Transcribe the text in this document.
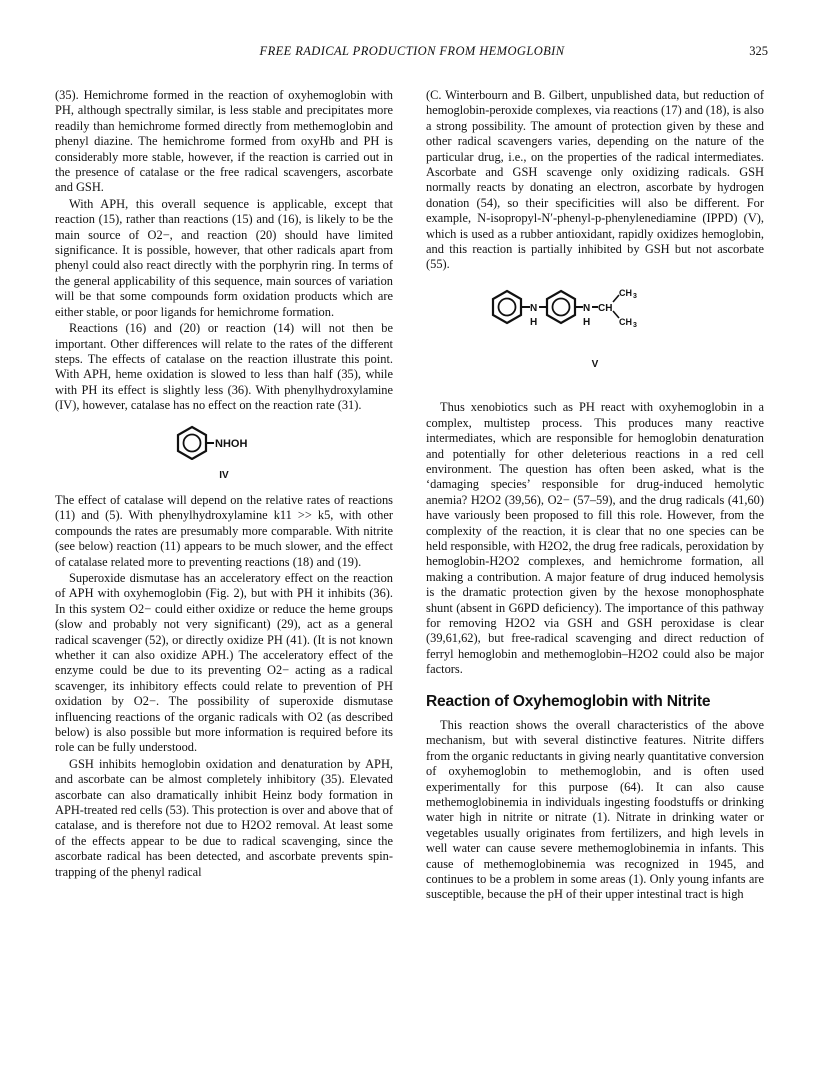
FREE RADICAL PRODUCTION FROM HEMOGLOBIN	325

(35). Hemichrome formed in the reaction of oxyhemoglobin with PH, although spectrally similar, is less stable and precipitates more readily than hemichrome formed directly from methemoglobin and phenyl diazine. The hemichrome formed from oxyHb and PH is considerably more stable, however, if the reaction is carried out in the presence of catalase or the free radical scavengers, ascorbate and GSH.

With APH, this overall sequence is applicable, except that reaction (15), rather than reactions (15) and (16), is likely to be the main source of O2−, and reaction (20) should have limited significance. It is possible, however, that other radicals apart from phenyl could also react directly with the porphyrin ring. In terms of the general applicability of this sequence, main sources of variation will be that some compounds form oxidation products which are either stable, or poor ligands for hemichrome formation.

Reactions (16) and (20) or reaction (14) will not then be important. Other differences will relate to the rates of the different steps. The effects of catalase on the reaction illustrate this point. With APH, heme oxidation is slowed to less than half (35), while with PH its effect is slightly less (36). With phenylhydroxylamine (IV), however, catalase has no effect on the reaction rate (31).

NHOH
IV

The effect of catalase will depend on the relative rates of reactions (11) and (5). With phenylhydroxylamine k11 >> k5, with other compounds the rates are presumably more comparable. With nitrite (see below) reaction (11) appears to be much slower, and the effect of catalase related more to preventing reactions (18) and (19).

Superoxide dismutase has an acceleratory effect on the reaction of APH with oxyhemoglobin (Fig. 2), but with PH it inhibits (36). In this system O2− could either oxidize or reduce the heme groups (slow and probably not very significant) (29), act as a general radical scavenger (52), or directly oxidize PH (41). (It is not known whether it can also oxidize APH.) The acceleratory effect of the enzyme could be due to its preventing O2− acting as a radical scavenger, its inhibitory effects could relate to prevention of PH oxidation by O2−. The possibility of superoxide dismutase influencing reactions of the organic radicals with O2 (as described below) is also possible but more information is required before its role can be fully understood.

GSH inhibits hemoglobin oxidation and denaturation by APH, and ascorbate can be almost completely inhibitory (35). Elevated ascorbate can also dramatically inhibit Heinz body formation in APH-treated red cells (53). This protection is over and above that of catalase, and is therefore not due to H2O2 removal. At least some of the effects appear to be due to radical scavenging, since the ascorbate radical has been detected, and ascorbate prevents spin-trapping of the phenyl radical

(C. Winterbourn and B. Gilbert, unpublished data, but reduction of hemoglobin-peroxide complexes, via reactions (17) and (18), is also a strong possibility. The amount of protection given by these and other radical scavengers varies, depending on the nature of the particular drug, i.e., on the properties of the radical intermediates. Ascorbate and GSH scavenge only oxidizing radicals. GSH normally reacts by donating an electron, ascorbate by hydrogen donation (54), so their specificities will also be different. For example, N-isopropyl-N′-phenyl-p-phenylenediamine (IPPD) (V), which is used as a rubber antioxidant, rapidly oxidizes hemoglobin, and this reaction is partially inhibited by GSH but not ascorbate (55).

N
H
N
H
CH
CH 3
CH 3
V

Thus xenobiotics such as PH react with oxyhemoglobin in a complex, multistep process. This produces many reactive intermediates, which are responsible for hemoglobin denaturation and potentially for other deleterious reactions in a red cell environment. The question has often been asked, what is the ‘damaging species’ responsible for drug-induced hemolytic anemia? H2O2 (39,56), O2− (57–59), and the drug radicals (41,60) have variously been proposed to fill this role. However, from the complexity of the reaction, it is clear that no one species can be held responsible, with H2O2, the drug free radicals, peroxidation by hemoglobin-H2O2 complexes, and hemichrome formation, all making a contribution. A major feature of drug induced hemolysis is the dramatic protection given by the hexose monophosphate shunt (absent in G6PD deficiency). The importance of this pathway for removing H2O2 via GSH and GSH peroxidase is clear (39,61,62), but free-radical scavenging and direct reduction of ferryl hemoglobin and methemoglobin–H2O2 could also be major factors.

Reaction of Oxyhemoglobin with Nitrite

This reaction shows the overall characteristics of the above mechanism, but with several distinctive features. Nitrite differs from the organic reductants in giving nearly quantitative conversion of oxyhemoglobin to methemoglobin, and is often used experimentally for this purpose (64). It can also cause methemoglobinemia in individuals ingesting foodstuffs or drinking water high in nitrite or nitrate (1). Nitrate in drinking water or vegetables usually originates from fertilizers, and high levels in well water can cause severe methemoglobinemia in infants. This cause of methemoglobinemia was recognized in 1945, and continues to be a problem in some areas (1). Only young infants are susceptible, because the pH of their upper intestinal tract is high
